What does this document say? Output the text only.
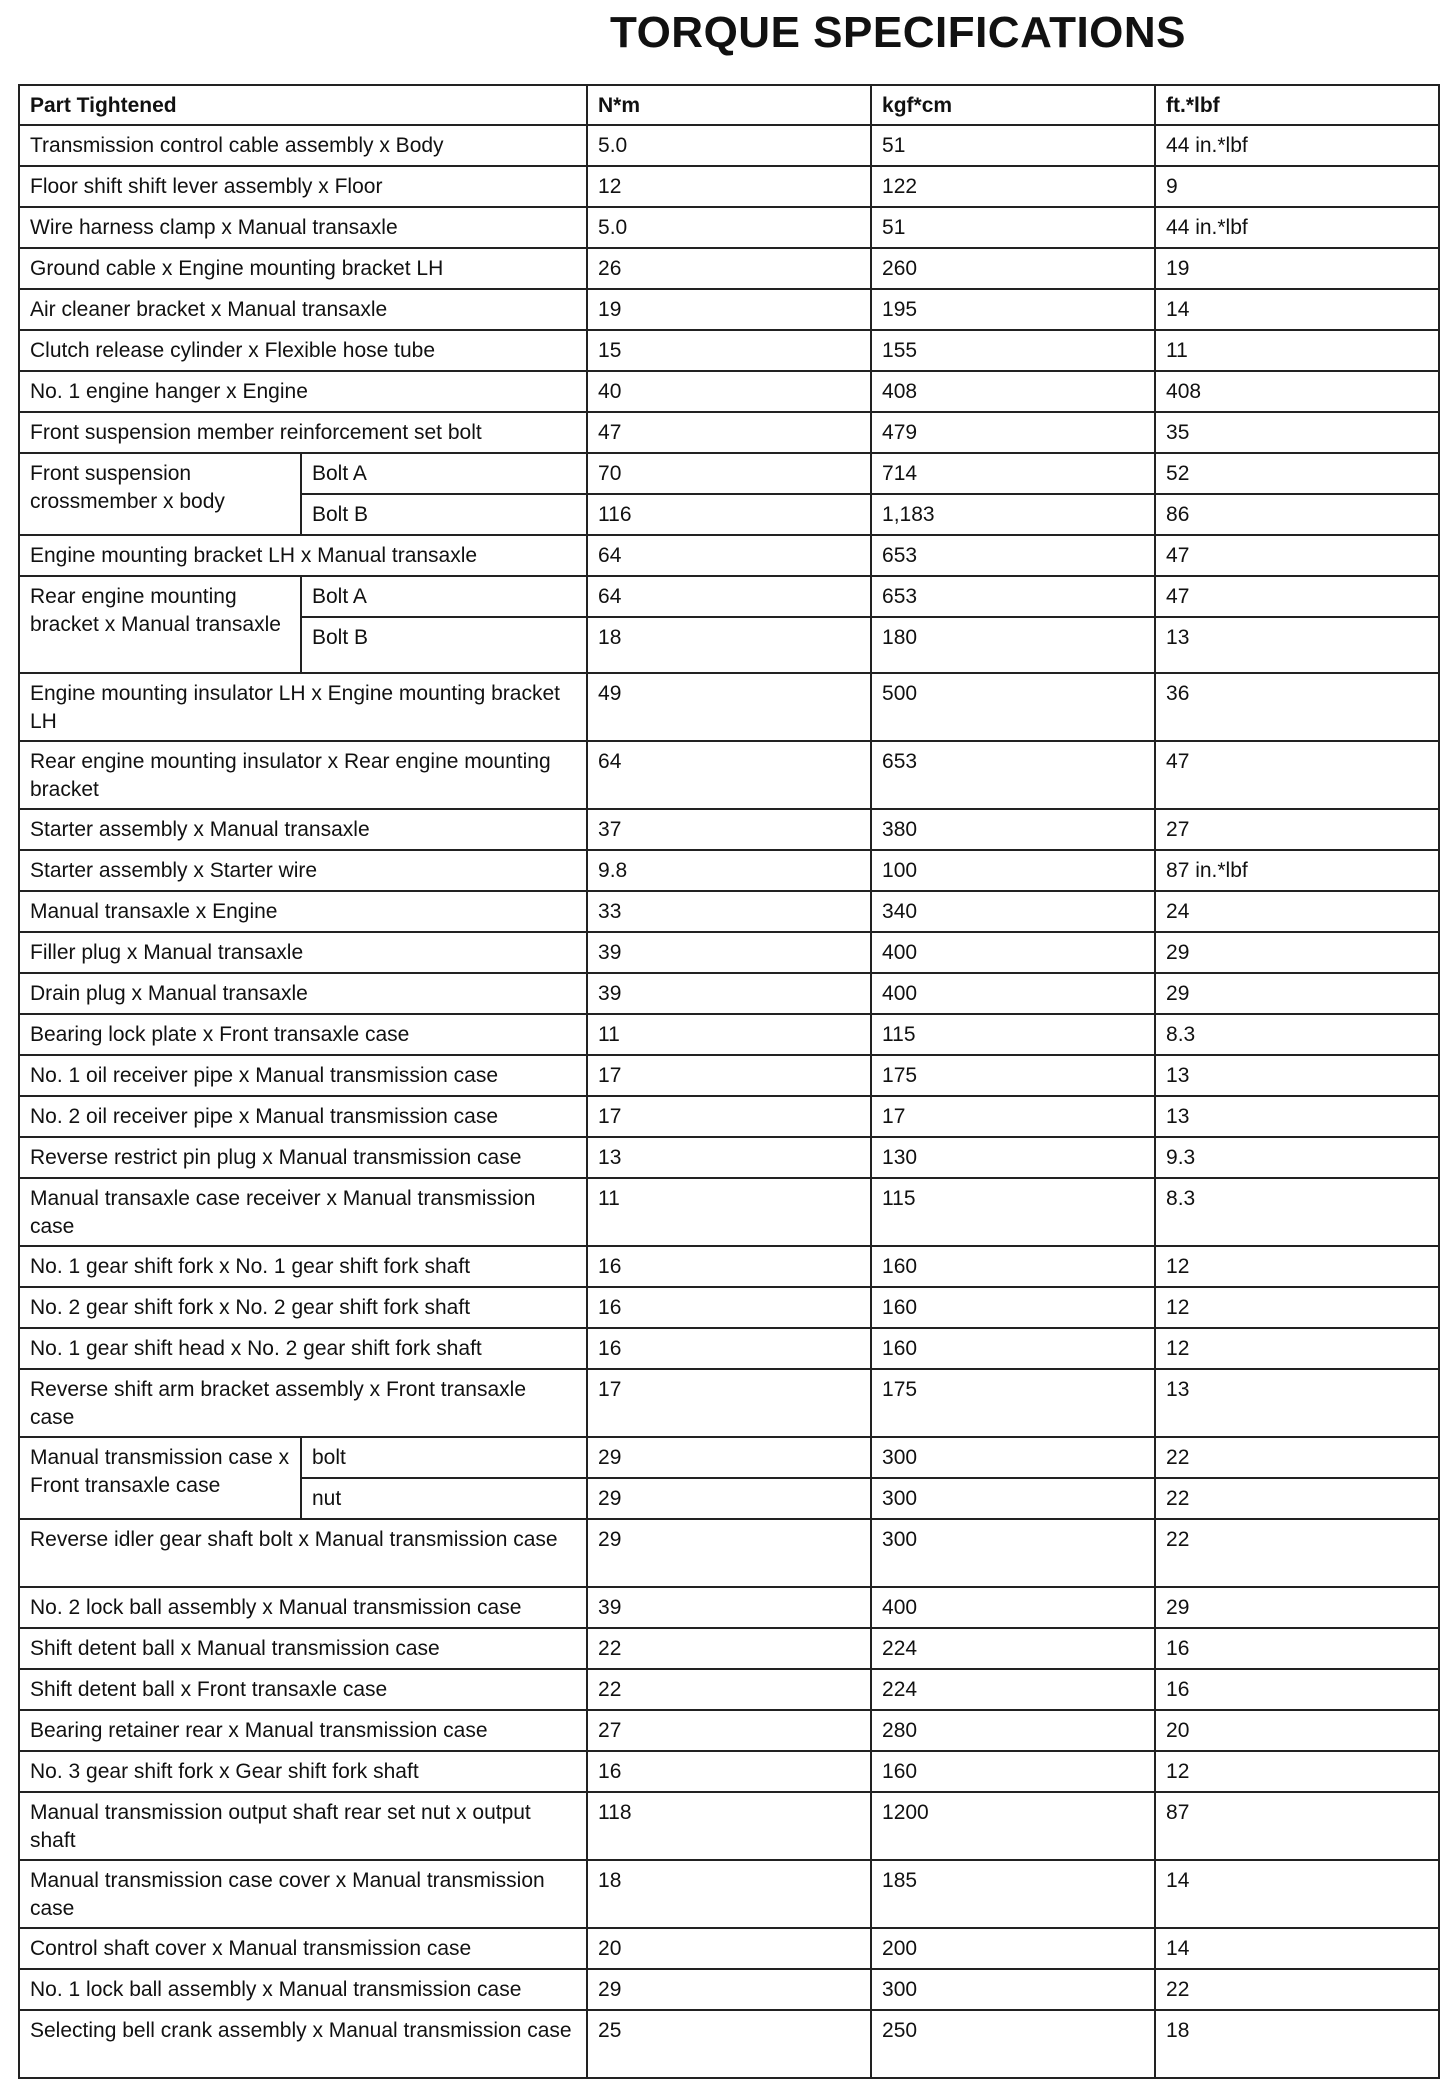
TORQUE SPECIFICATIONS
Part Tightened		N*m	kgf*cm	ft.*lbf
Transmission control cable assembly x Body		5.0	51	44 in.*lbf
Floor shift shift lever assembly x Floor		12	122	9
Wire harness clamp x Manual transaxle		5.0	51	44 in.*lbf
Ground cable x Engine mounting bracket LH		26	260	19
Air cleaner bracket x Manual transaxle		19	195	14
Clutch release cylinder x Flexible hose tube		15	155	11
No. 1 engine hanger x Engine		40	408	408
Front suspension member reinforcement set bolt		47	479	35
Front suspension crossmember x body	Bolt A	70	714	52
	Bolt B	116	1,183	86
Engine mounting bracket LH x Manual transaxle		64	653	47
Rear engine mounting bracket x Manual transaxle	Bolt A	64	653	47
	Bolt B	18	180	13
Engine mounting insulator LH x Engine mounting bracket LH		49	500	36
Rear engine mounting insulator x Rear engine mounting bracket		64	653	47
Starter assembly x Manual transaxle		37	380	27
Starter assembly x Starter wire		9.8	100	87 in.*lbf
Manual transaxle x Engine		33	340	24
Filler plug x Manual transaxle		39	400	29
Drain plug x Manual transaxle		39	400	29
Bearing lock plate x Front transaxle case		11	115	8.3
No. 1 oil receiver pipe x Manual transmission case		17	175	13
No. 2 oil receiver pipe x Manual transmission case		17	17	13
Reverse restrict pin plug x Manual transmission case		13	130	9.3
Manual transaxle case receiver x Manual transmission case		11	115	8.3
No. 1 gear shift fork x No. 1 gear shift fork shaft		16	160	12
No. 2 gear shift fork x No. 2 gear shift fork shaft		16	160	12
No. 1 gear shift head x No. 2 gear shift fork shaft		16	160	12
Reverse shift arm bracket assembly x Front transaxle case		17	175	13
Manual transmission case x Front transaxle case	bolt	29	300	22
	nut	29	300	22
Reverse idler gear shaft bolt x Manual transmission case		29	300	22
No. 2 lock ball assembly x Manual transmission case		39	400	29
Shift detent ball x Manual transmission case		22	224	16
Shift detent ball x Front transaxle case		22	224	16
Bearing retainer rear x Manual transmission case		27	280	20
No. 3 gear shift fork x Gear shift fork shaft		16	160	12
Manual transmission output shaft rear set nut x output shaft		118	1200	87
Manual transmission case cover x Manual transmission case		18	185	14
Control shaft cover x Manual transmission case		20	200	14
No. 1 lock ball assembly x Manual transmission case		29	300	22
Selecting bell crank assembly x Manual transmission case		25	250	18
